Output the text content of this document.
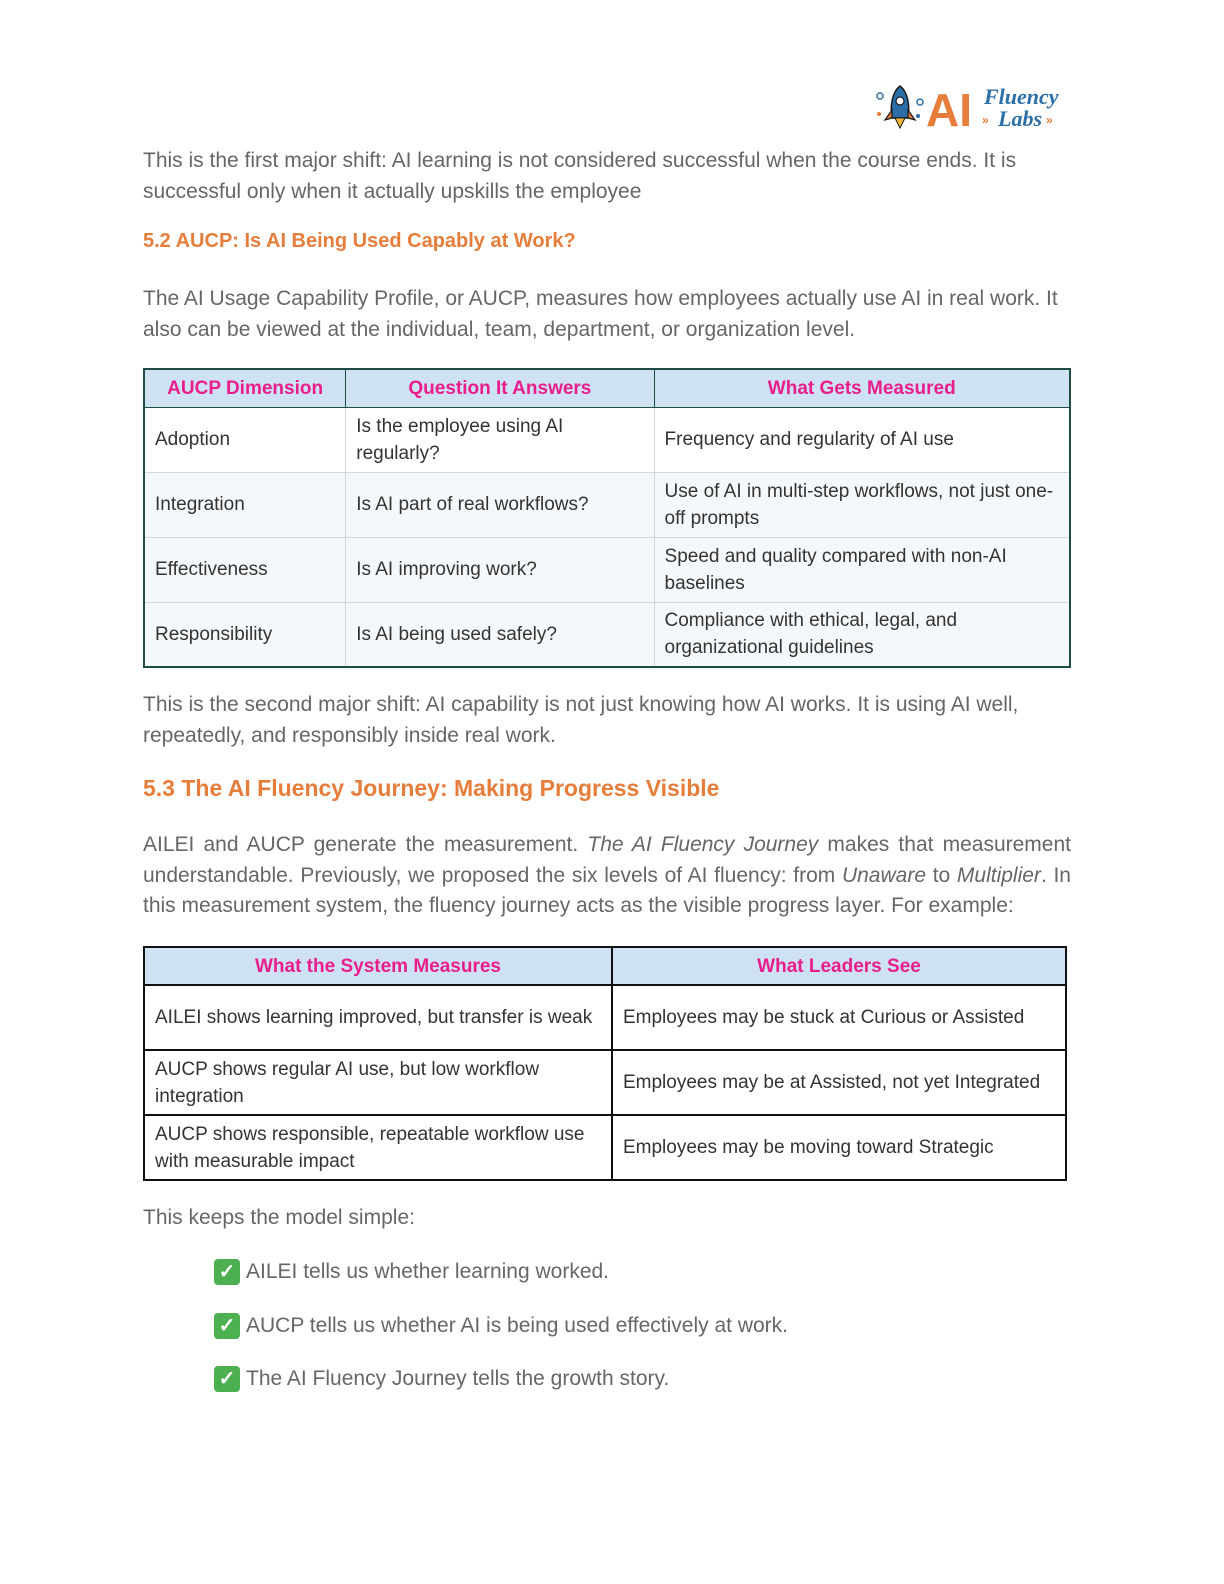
AI Fluency
» Labs »

This is the first major shift: AI learning is not considered successful when the course ends. It is successful only when it actually upskills the employee

5.2 AUCP: Is AI Being Used Capably at Work?

The AI Usage Capability Profile, or AUCP, measures how employees actually use AI in real work. It also can be viewed at the individual, team, department, or organization level.

AUCP Dimension	Question It Answers	What Gets Measured
Adoption	Is the employee using AI regularly?	Frequency and regularity of AI use
Integration	Is AI part of real workflows?	Use of AI in multi-step workflows, not just one-off prompts
Effectiveness	Is AI improving work?	Speed and quality compared with non-AI baselines
Responsibility	Is AI being used safely?	Compliance with ethical, legal, and organizational guidelines

This is the second major shift: AI capability is not just knowing how AI works. It is using AI well, repeatedly, and responsibly inside real work.

5.3 The AI Fluency Journey: Making Progress Visible

AILEI and AUCP generate the measurement. The AI Fluency Journey makes that measurement understandable. Previously, we proposed the six levels of AI fluency: from Unaware to Multiplier. In this measurement system, the fluency journey acts as the visible progress layer. For example:

What the System Measures	What Leaders See
AILEI shows learning improved, but transfer is weak	Employees may be stuck at Curious or Assisted
AUCP shows regular AI use, but low workflow integration	Employees may be at Assisted, not yet Integrated
AUCP shows responsible, repeatable workflow use with measurable impact	Employees may be moving toward Strategic

This keeps the model simple:

✓ AILEI tells us whether learning worked.
✓ AUCP tells us whether AI is being used effectively at work.
✓ The AI Fluency Journey tells the growth story.
